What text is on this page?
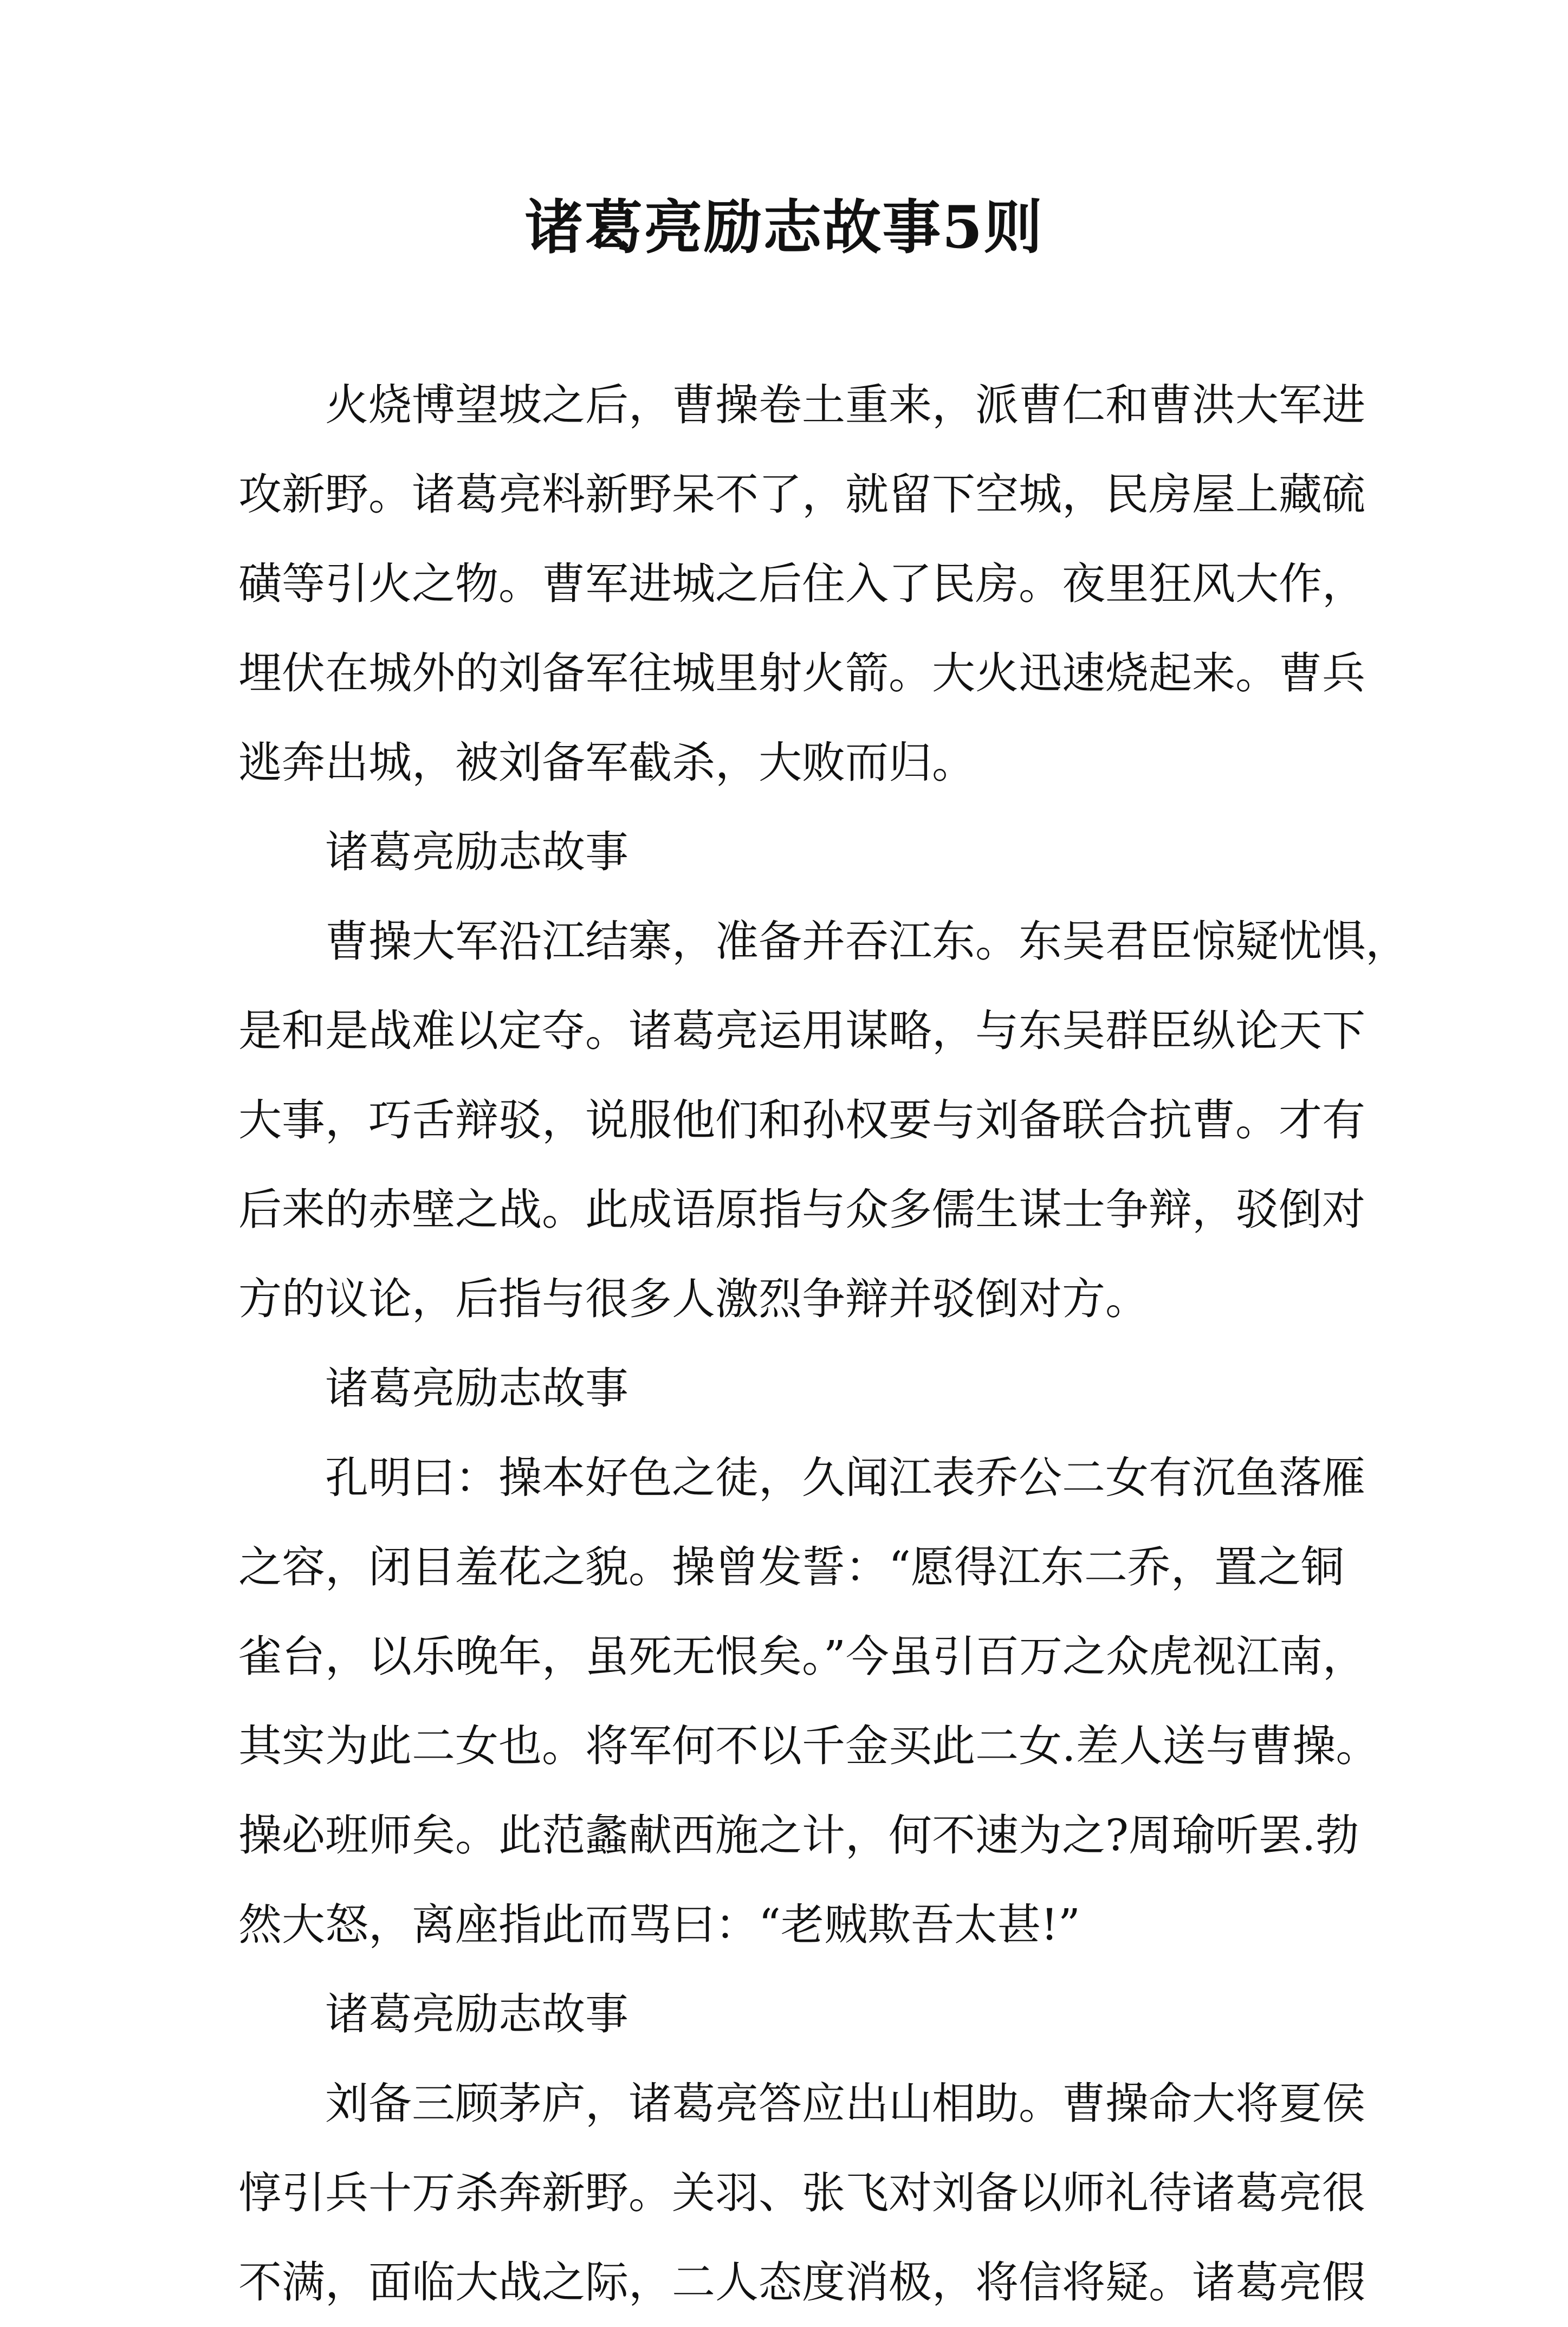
诸葛亮励志故事5则
火烧博望坡之后，曹操卷土重来，派曹仁和曹洪大军进
攻新野。诸葛亮料新野呆不了，就留下空城，民房屋上藏硫
磺等引火之物。曹军进城之后住入了民房。夜里狂风大作，
埋伏在城外的刘备军往城里射火箭。大火迅速烧起来。曹兵
逃奔出城，被刘备军截杀，大败而归。
诸葛亮励志故事
曹操大军沿江结寨，准备并吞江东。东吴君臣惊疑忧惧，
是和是战难以定夺。诸葛亮运用谋略，与东吴群臣纵论天下
大事，巧舌辩驳，说服他们和孙权要与刘备联合抗曹。才有
后来的赤壁之战。此成语原指与众多儒生谋士争辩，驳倒对
方的议论，后指与很多人激烈争辩并驳倒对方。
诸葛亮励志故事
孔明曰：操本好色之徒，久闻江表乔公二女有沉鱼落雁
之容，闭目羞花之貌。操曾发誓：“愿得江东二乔，置之铜
雀台，以乐晚年，虽死无恨矣。”今虽引百万之众虎视江南，
其实为此二女也。将军何不以千金买此二女.差人送与曹操。
操必班师矣。此范蠡献西施之计，何不速为之?周瑜听罢.勃
然大怒，离座指此而骂曰：“老贼欺吾太甚!”
诸葛亮励志故事
刘备三顾茅庐，诸葛亮答应出山相助。曹操命大将夏侯
惇引兵十万杀奔新野。关羽、张飞对刘备以师礼待诸葛亮很
不满，面临大战之际，二人态度消极，将信将疑。诸葛亮假
